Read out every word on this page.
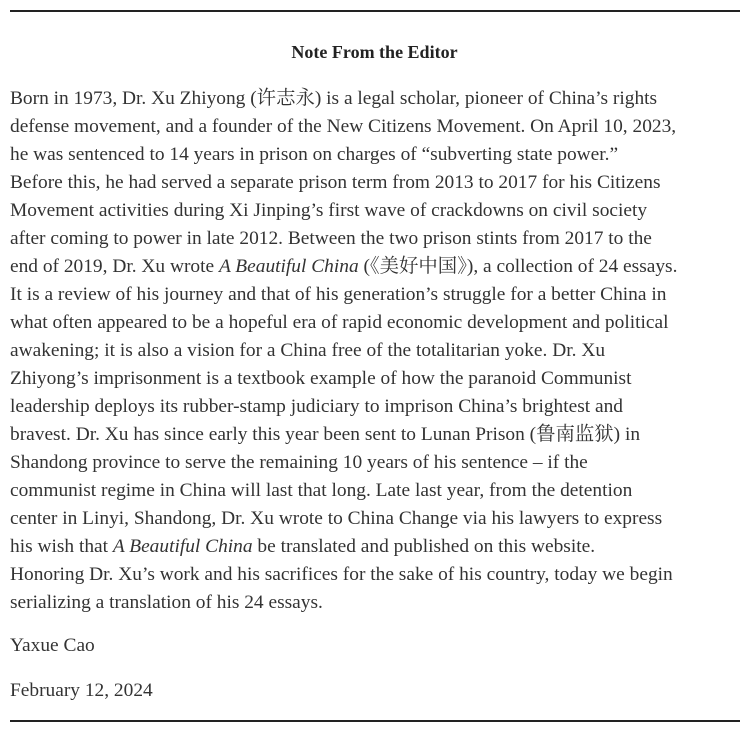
Note From the Editor
Born in 1973, Dr. Xu Zhiyong (许志永) is a legal scholar, pioneer of China’s rights
defense movement, and a founder of the New Citizens Movement. On April 10, 2023,
he was sentenced to 14 years in prison on charges of “subverting state power.”
Before this, he had served a separate prison term from 2013 to 2017 for his Citizens
Movement activities during Xi Jinping’s first wave of crackdowns on civil society
after coming to power in late 2012. Between the two prison stints from 2017 to the
end of 2019, Dr. Xu wrote A Beautiful China (《美好中国》), a collection of 24 essays.
It is a review of his journey and that of his generation’s struggle for a better China in
what often appeared to be a hopeful era of rapid economic development and political
awakening; it is also a vision for a China free of the totalitarian yoke. Dr. Xu
Zhiyong’s imprisonment is a textbook example of how the paranoid Communist
leadership deploys its rubber-stamp judiciary to imprison China’s brightest and
bravest. Dr. Xu has since early this year been sent to Lunan Prison (鲁南监狱) in
Shandong province to serve the remaining 10 years of his sentence – if the
communist regime in China will last that long. Late last year, from the detention
center in Linyi, Shandong, Dr. Xu wrote to China Change via his lawyers to express
his wish that A Beautiful China be translated and published on this website.
Honoring Dr. Xu’s work and his sacrifices for the sake of his country, today we begin
serializing a translation of his 24 essays.
Yaxue Cao
February 12, 2024
